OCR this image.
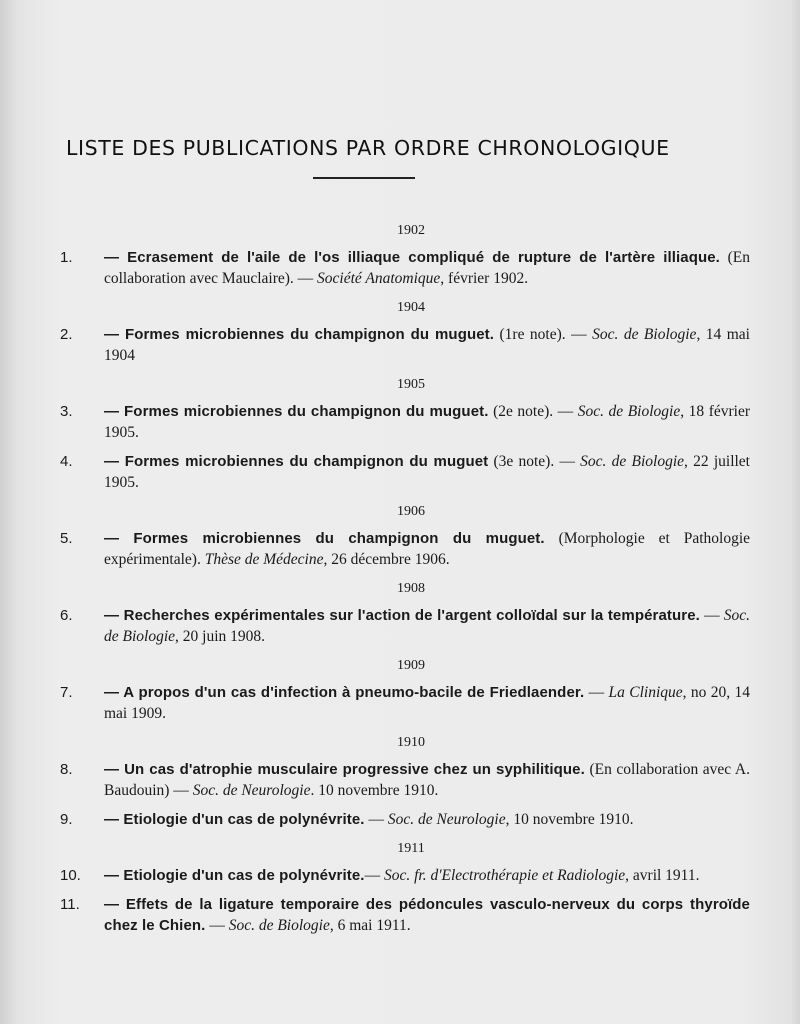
LISTE DES PUBLICATIONS PAR ORDRE CHRONOLOGIQUE
1902
1.	— Ecrasement de l'aile de l'os illiaque compliqué de rupture de l'artère illiaque. (En collaboration avec Mauclaire). — Société Anatomique, février 1902.
1904
2.	— Formes microbiennes du champignon du muguet. (1re note). — Soc. de Biologie, 14 mai 1904
1905
3.	— Formes microbiennes du champignon du muguet. (2e note). — Soc. de Biologie, 18 février 1905.
4.	— Formes microbiennes du champignon du muguet (3e note). — Soc. de Biologie, 22 juillet 1905.
1906
5.	— Formes microbiennes du champignon du muguet. (Morphologie et Pathologie expérimentale). Thèse de Médecine, 26 décembre 1906.
1908
6.	— Recherches expérimentales sur l'action de l'argent colloïdal sur la température. — Soc. de Biologie, 20 juin 1908.
1909
7.	— A propos d'un cas d'infection à pneumo-bacile de Friedlaender. — La Clinique, no 20, 14 mai 1909.
1910
8.	— Un cas d'atrophie musculaire progressive chez un syphilitique. (En collaboration avec A. Baudouin) — Soc. de Neurologie. 10 novembre 1910.
9.	— Etiologie d'un cas de polynévrite. — Soc. de Neurologie, 10 novembre 1910.
1911
10.	— Etiologie d'un cas de polynévrite.— Soc. fr. d'Electrothérapie et Radiologie, avril 1911.
11.	— Effets de la ligature temporaire des pédoncules vasculo-nerveux du corps thyroïde chez le Chien. — Soc. de Biologie, 6 mai 1911.
